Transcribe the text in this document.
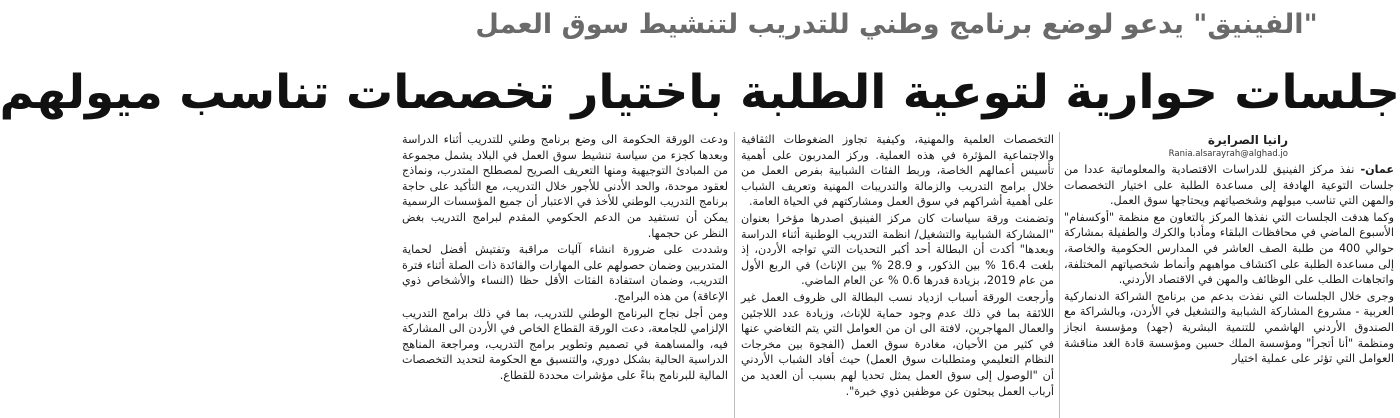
"الفينيق" يدعو لوضع برنامج وطني للتدريب لتنشيط سوق العمل
جلسات حوارية لتوعية الطلبة باختيار تخصصات تناسب ميولهم
رانيا الصرايرة
Rania.alsarayrah@alghad.jo

عمان- نفذ مركز الفينيق للدراسات الاقتصادية والمعلوماتية عددا من جلسات التوعية الهادفة إلى مساعدة الطلبة على اختيار التخصصات والمهن التي تناسب ميولهم وشخصياتهم ويحتاجها سوق العمل.

وكما هدفت الجلسات التي نفذها المركز بالتعاون مع منظمة "أوكسفام" الأسبوع الماضي في محافظات البلقاء ومأدبا والكرك والطفيلة بمشاركة حوالي 400 من طلبة الصف العاشر في المدارس الحكومية والخاصة، إلى مساعدة الطلبة على اكتشاف مواهبهم وأنماط شخصياتهم المختلفة، واتجاهات الطلب على الوظائف والمهن في الاقتصاد الأردني.

وجرى خلال الجلسات التي نفذت بدعم من برنامج الشراكة الدنماركية العربية - مشروع المشاركة الشبابية والتشغيل في الأردن، وبالشراكة مع الصندوق الأردني الهاشمي للتنمية البشرية (جهد) ومؤسسة انجاز ومنظمة "أنا أتجرأ" ومؤسسة الملك حسين ومؤسسة قادة الغد مناقشة العوامل التي تؤثر على عملية اختيار

التخصصات العلمية والمهنية، وكيفية تجاوز الضغوطات الثقافية والاجتماعية المؤثرة في هذه العملية. وركز المدربون على أهمية تأسيس أعمالهم الخاصة، وربط الفئات الشبابية بفرص العمل من خلال برامج التدريب والزمالة والتدريبات المهنية وتعريف الشباب على أهمية أشراكهم في سوق العمل ومشاركتهم في الحياة العامة.

وتضمنت ورقة سياسات كان مركز الفينيق اصدرها مؤخرا بعنوان "المشاركة الشبابية والتشغيل/ انظمة التدريب الوطنية أثناء الدراسة وبعدها" أكدت أن البطالة أحد أكبر التحديات التي تواجه الأردن، إذ بلغت 16.4 % بين الذكور، و 28.9 % بين الإناث) في الربع الأول من عام 2019، بزيادة قدرها 0.6 % عن العام الماضي.

وأرجعت الورقة أسباب ازدياد نسب البطالة الى ظروف العمل غير اللائقة بما في ذلك عدم وجود حماية للإناث، وزيادة عدد اللاجئين والعمال المهاجرين، لافتة الى ان من العوامل التي يتم التغاضي عنها في كثير من الأحيان، مغادرة سوق العمل (الفجوة بين مخرجات النظام التعليمي ومتطلبات سوق العمل) حيث أفاد الشباب الأردني أن "الوصول إلى سوق العمل يمثل تحديا لهم بسبب أن العديد من أرباب العمل يبحثون عن موظفين ذوي خبرة".

ودعت الورقة الحكومة الى وضع برنامج وطني للتدريب أثناء الدراسة وبعدها كجزء من سياسة تنشيط سوق العمل في البلاد يشمل مجموعة من المبادئ التوجيهية ومنها التعريف الصريح لمصطلح المتدرب، ونماذج لعقود موحدة، والحد الأدنى للأجور خلال التدريب، مع التأكيد على حاجة برنامج التدريب الوطني للأخذ في الاعتبار أن جميع المؤسسات الرسمية يمكن أن تستفيد من الدعم الحكومي المقدم لبرامج التدريب بغض النظر عن حجمها.

وشددت على ضرورة انشاء آليات مراقبة وتفتيش أفضل لحماية المتدربين وضمان حصولهم على المهارات والفائدة ذات الصلة أثناء فترة التدريب، وضمان استفادة الفئات الأقل حظا (النساء والأشخاص ذوي الإعاقة) من هذه البرامج.

ومن أجل نجاح البرنامج الوطني للتدريب، بما في ذلك برامج التدريب الإلزامي للجامعة، دعت الورقة القطاع الخاص في الأردن الى المشاركة فيه، والمساهمة في تصميم وتطوير برامج التدريب، ومراجعة المناهج الدراسية الحالية بشكل دوري، والتنسيق مع الحكومة لتحديد التخصصات المالية للبرنامج بناءً على مؤشرات محددة للقطاع.
